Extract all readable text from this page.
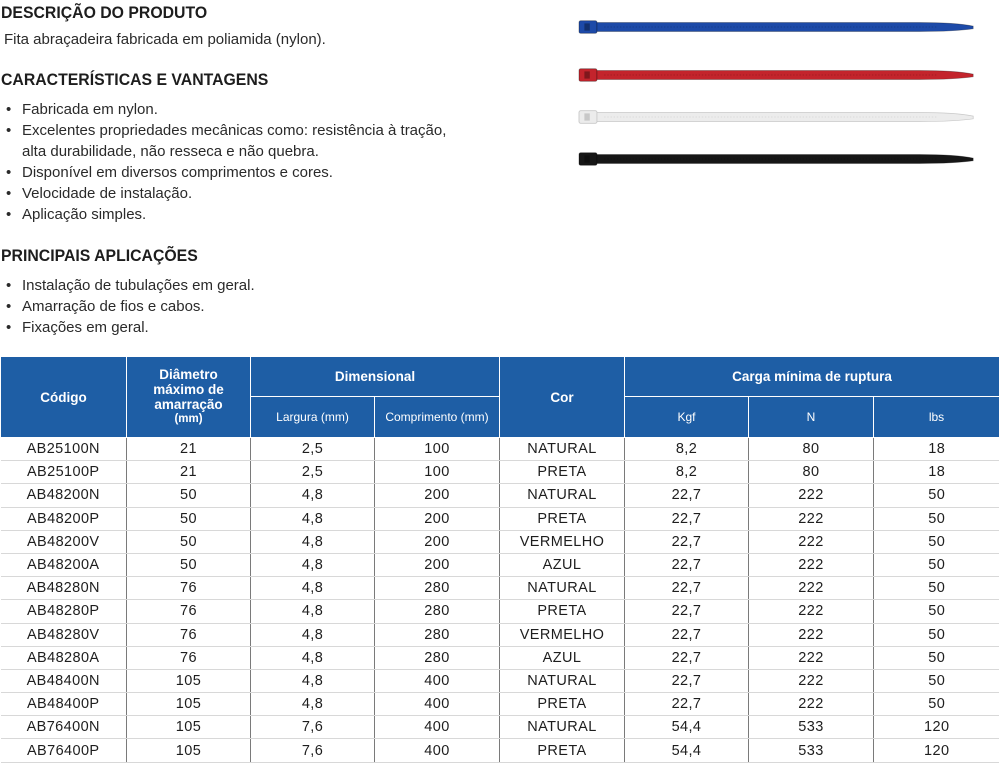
DESCRIÇÃO DO PRODUTO

Fita abraçadeira fabricada em poliamida (nylon).

CARACTERÍSTICAS E VANTAGENS
• Fabricada em nylon.
• Excelentes propriedades mecânicas como: resistência à tração,
alta durabilidade, não resseca e não quebra.
• Disponível em diversos comprimentos e cores.
• Velocidade de instalação.
• Aplicação simples.
PRINCIPAIS APLICAÇÕES
• Instalação de tubulações em geral.
• Amarração de fios e cabos.
• Fixações em geral.
Código	Diâmetro
máximo de
amarração
(mm)	Dimensional		Cor	Carga mínima de ruptura		
		Largura (mm)	Comprimento (mm)		Kgf	N	lbs
AB25100N	21	2,5	100	NATURAL	8,2	80	18
AB25100P	21	2,5	100	PRETA	8,2	80	18
AB48200N	50	4,8	200	NATURAL	22,7	222	50
AB48200P	50	4,8	200	PRETA	22,7	222	50
AB48200V	50	4,8	200	VERMELHO	22,7	222	50
AB48200A	50	4,8	200	AZUL	22,7	222	50
AB48280N	76	4,8	280	NATURAL	22,7	222	50
AB48280P	76	4,8	280	PRETA	22,7	222	50
AB48280V	76	4,8	280	VERMELHO	22,7	222	50
AB48280A	76	4,8	280	AZUL	22,7	222	50
AB48400N	105	4,8	400	NATURAL	22,7	222	50
AB48400P	105	4,8	400	PRETA	22,7	222	50
AB76400N	105	7,6	400	NATURAL	54,4	533	120
AB76400P	105	7,6	400	PRETA	54,4	533	120
